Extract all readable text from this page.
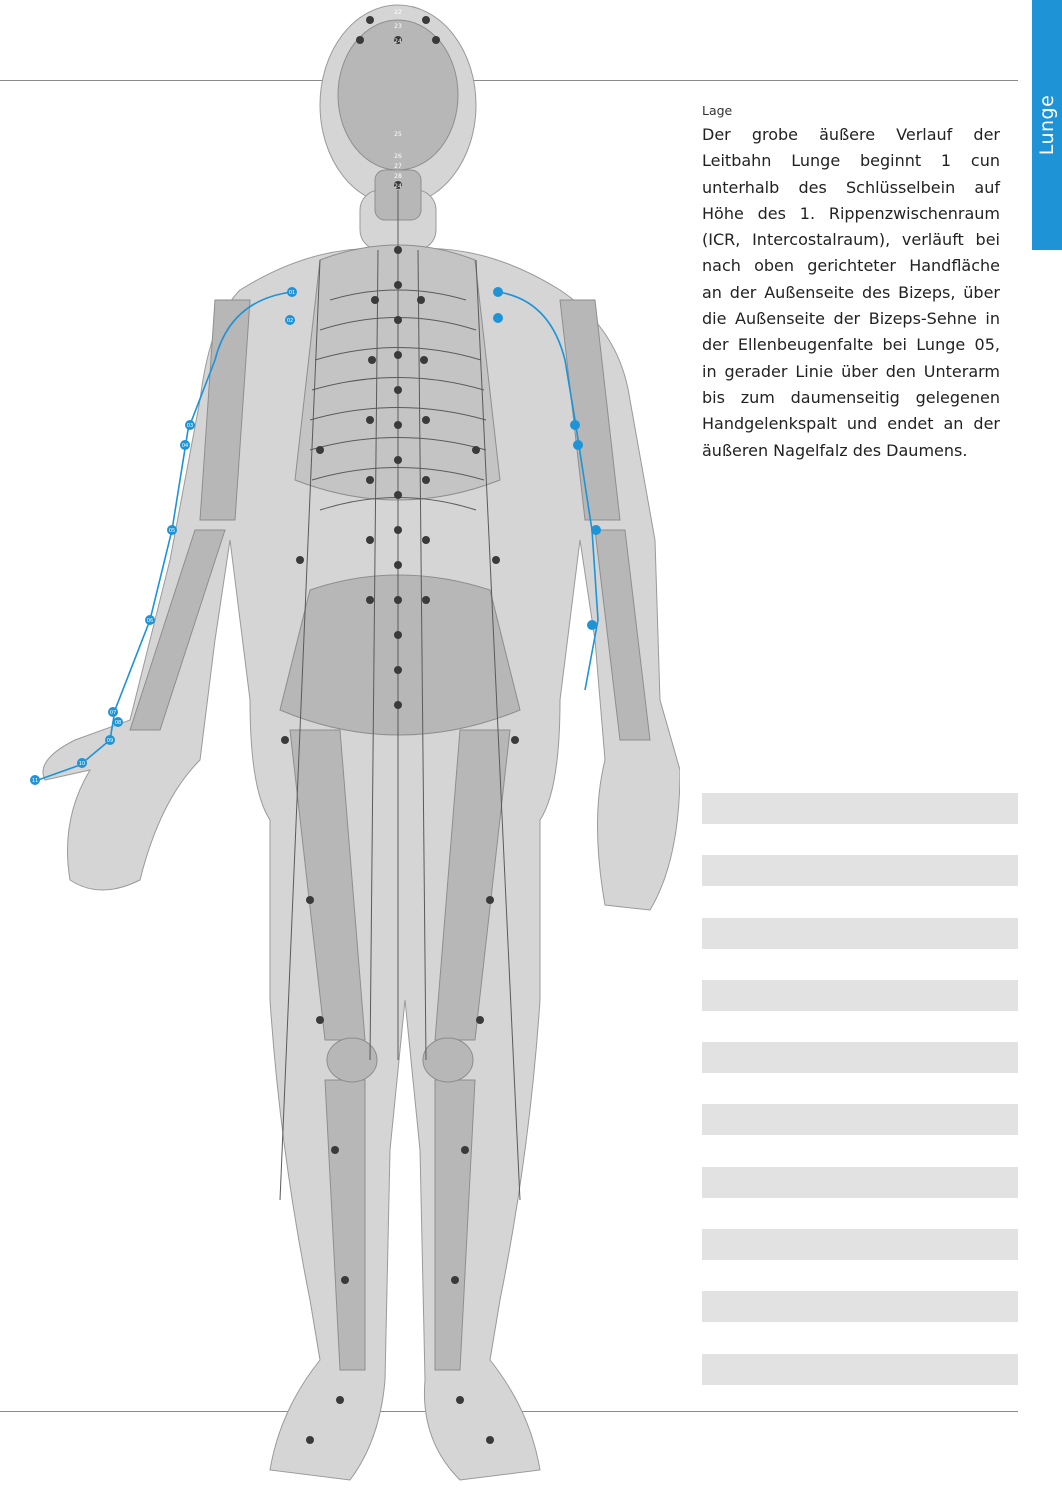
Lunge
22
23
24
25
26
27
28
24
11
10
09
08
07
06
05
04
03
02
01
Lage

Der grobe äußere Verlauf der Leitbahn Lunge beginnt 1 cun unterhalb des Schlüsselbein auf Höhe des 1. Rippenzwischenraum (ICR, Intercostalraum), verläuft bei nach oben gerichteter Handfläche an der Außenseite des Bizeps, über die Außenseite der Bizeps-Sehne in der Ellenbeugenfalte bei Lunge 05, in gerader Linie über den Unterarm bis zum daumenseitig gelegenen Handgelenkspalt und endet an der äußeren Nagelfalz des Daumens.
